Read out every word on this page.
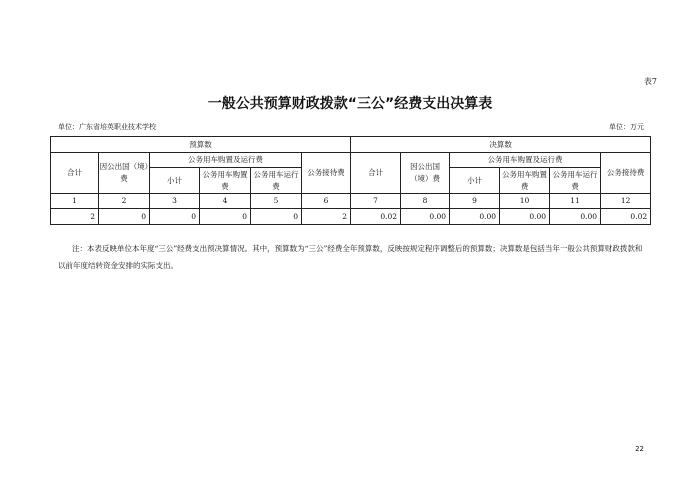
表7
一般公共预算财政拨款“三公”经费支出决算表
单位：广东省培英职业技术学校	单位：万元
预算数						决算数					
合计	因公出国（境）费	公务用车购置及运行费			公务接待费	合计	因公出国（境）费	公务用车购置及运行费			公务接待费
		小计	公务用车购置费	公务用车运行费				小计	公务用车购置费	公务用车运行费	
1	2	3	4	5	6	7	8	9	10	11	12
2	0	0	0	0	2	0.02	0.00	0.00	0.00	0.00	0.02
注：本表反映单位本年度“三公”经费支出预决算情况。其中，预算数为“三公”经费全年预算数，反映按规定程序调整后的预算数；决算数是包括当年一般公共预算财政拨款和以前年度结转资金安排的实际支出。
22
